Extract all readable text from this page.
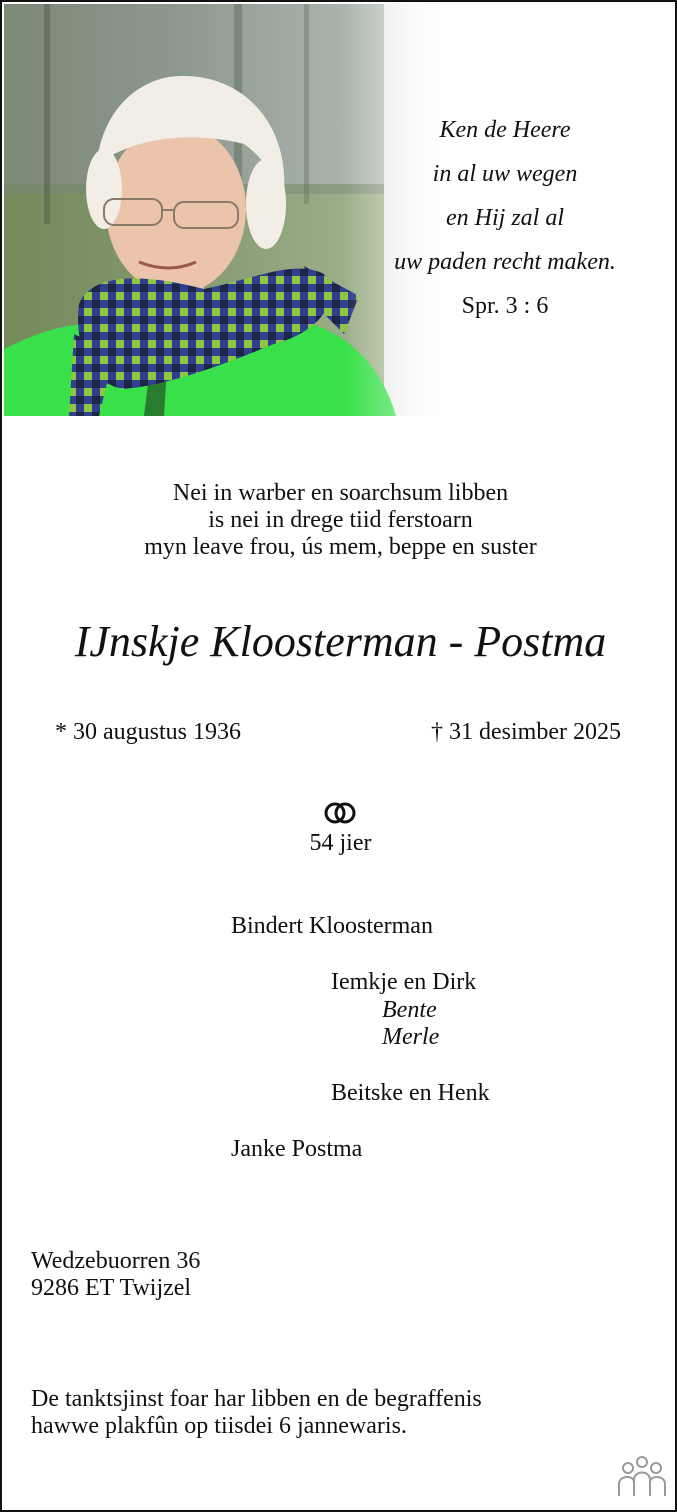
Ken de Heere
in al uw wegen
en Hij zal al
uw paden recht maken.
Spr. 3 : 6
Nei in warber en soarchsum libben
is nei in drege tiid ferstoarn
myn leave frou, ús mem, beppe en suster
IJnskje Kloosterman - Postma
* 30 augustus 1936	† 31 desimber 2025
54 jier
Bindert Kloosterman
Iemkje en Dirk
Bente
Merle
Beitske en Henk
Janke Postma
Wedzebuorren 36
9286 ET Twijzel
De tanktsjinst foar har libben en de begraffenis
hawwe plakfûn op tiisdei 6 jannewaris.
